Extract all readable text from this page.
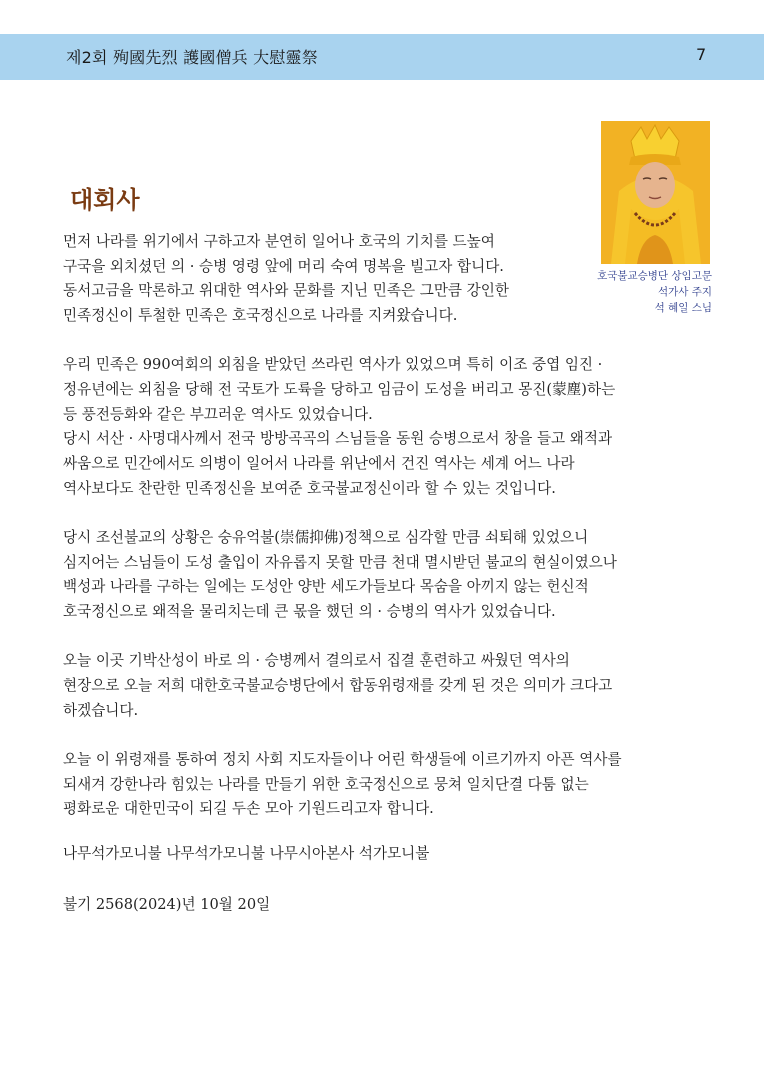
제2회 殉國先烈 護國僧兵 大慰靈祭	7
대회사
호국불교승병단 상임고문
석가사 주지
석 혜일 스님

먼저 나라를 위기에서 구하고자 분연히 일어나 호국의 기치를 드높여
구국을 외치셨던 의 · 승병 영령 앞에 머리 숙여 명복을 빌고자 합니다.
동서고금을 막론하고 위대한 역사와 문화를 지닌 민족은 그만큼 강인한
민족정신이 투철한 민족은 호국정신으로 나라를 지켜왔습니다.

우리 민족은 990여회의 외침을 받았던 쓰라린 역사가 있었으며 특히 이조 중엽 임진 ·
정유년에는 외침을 당해 전 국토가 도륙을 당하고 임금이 도성을 버리고 몽진(蒙塵)하는
등 풍전등화와 같은 부끄러운 역사도 있었습니다.
당시 서산 · 사명대사께서 전국 방방곡곡의 스님들을 동원 승병으로서 창을 들고 왜적과
싸움으로 민간에서도 의병이 일어서 나라를 위난에서 건진 역사는 세계 어느 나라
역사보다도 찬란한 민족정신을 보여준 호국불교정신이라 할 수 있는 것입니다.

당시 조선불교의 상황은 숭유억불(崇儒抑佛)정책으로 심각할 만큼 쇠퇴해 있었으니
심지어는 스님들이 도성 출입이 자유롭지 못할 만큼 천대 멸시받던 불교의 현실이였으나
백성과 나라를 구하는 일에는 도성안 양반 세도가들보다 목숨을 아끼지 않는 헌신적
호국정신으로 왜적을 물리치는데 큰 몫을 했던 의 · 승병의 역사가 있었습니다.

오늘 이곳 기박산성이 바로 의 · 승병께서 결의로서 집결 훈련하고 싸웠던 역사의
현장으로 오늘 저희 대한호국불교승병단에서 합동위령재를 갖게 된 것은 의미가 크다고
하겠습니다.

오늘 이 위령재를 통하여 정치 사회 지도자들이나 어린 학생들에 이르기까지 아픈 역사를
되새겨 강한나라 힘있는 나라를 만들기 위한 호국정신으로 뭉쳐 일치단결 다툼 없는
평화로운 대한민국이 되길 두손 모아 기원드리고자 합니다.

나무석가모니불 나무석가모니불 나무시아본사 석가모니불
불기 2568(2024)년 10월 20일
